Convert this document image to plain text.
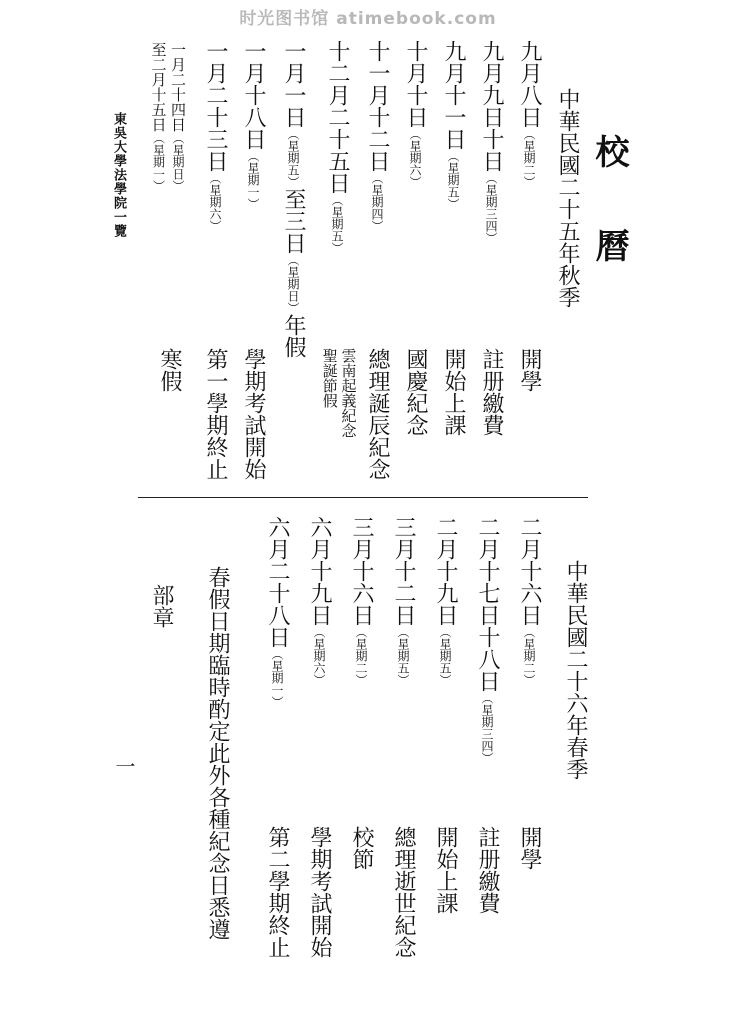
时光图书馆 atimebook.com
校曆
中華民國二十五年秋季
九月八日（星期二）
開學
九月九日十日（星期三四）
註册繳費
九月十一日（星期五）
開始上課
十月十日（星期六）
國慶紀念
十一月十二日（星期四）
總理誕辰紀念
十二月二十五日（星期五）
雲南起義紀念
聖誕節假
一月一日（星期五）至三日（星期日）年假
一月十八日（星期一）
學期考試開始
一月二十三日（星期六）
第一學期終止
一月二十四日（星期日）
至二月十五日（星期一）
寒假
東吳大學法學院一覽
中華民國二十六年春季
二月十六日（星期二）
開學
二月十七日十八日（星期三四）
註册繳費
二月十九日（星期五）
開始上課
三月十二日（星期五）
總理逝世紀念
三月十六日（星期二）
校節
六月十九日（星期六）
學期考試開始
六月二十八日（星期一）
第二學期終止
春假日期臨時酌定此外各種紀念日悉遵
部章
一
